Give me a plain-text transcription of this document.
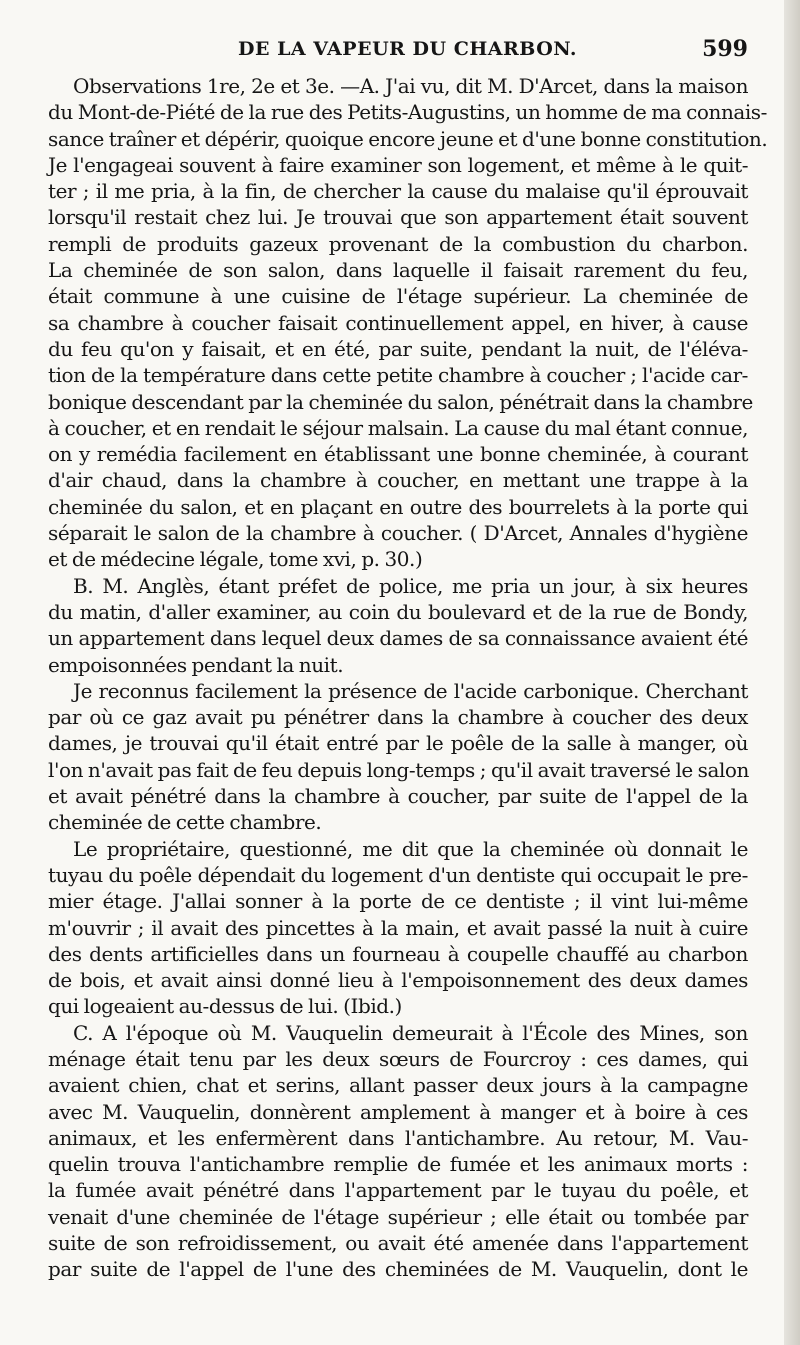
DE LA VAPEUR DU CHARBON.	599
Observations 1re, 2e et 3e. —A. J'ai vu, dit M. D'Arcet, dans la maison
du Mont-de-Piété de la rue des Petits-Augustins, un homme de ma connais-
sance traîner et dépérir, quoique encore jeune et d'une bonne constitution.
Je l'engageai souvent à faire examiner son logement, et même à le quit-
ter ; il me pria, à la fin, de chercher la cause du malaise qu'il éprouvait
lorsqu'il restait chez lui. Je trouvai que son appartement était souvent
rempli de produits gazeux provenant de la combustion du charbon.
La cheminée de son salon, dans laquelle il faisait rarement du feu,
était commune à une cuisine de l'étage supérieur. La cheminée de
sa chambre à coucher faisait continuellement appel, en hiver, à cause
du feu qu'on y faisait, et en été, par suite, pendant la nuit, de l'éléva-
tion de la température dans cette petite chambre à coucher ; l'acide car-
bonique descendant par la cheminée du salon, pénétrait dans la chambre
à coucher, et en rendait le séjour malsain. La cause du mal étant connue,
on y remédia facilement en établissant une bonne cheminée, à courant
d'air chaud, dans la chambre à coucher, en mettant une trappe à la
cheminée du salon, et en plaçant en outre des bourrelets à la porte qui
séparait le salon de la chambre à coucher. ( D'Arcet, Annales d'hygiène
et de médecine légale, tome xvi, p. 30.)
B. M. Anglès, étant préfet de police, me pria un jour, à six heures
du matin, d'aller examiner, au coin du boulevard et de la rue de Bondy,
un appartement dans lequel deux dames de sa connaissance avaient été
empoisonnées pendant la nuit.
Je reconnus facilement la présence de l'acide carbonique. Cherchant
par où ce gaz avait pu pénétrer dans la chambre à coucher des deux
dames, je trouvai qu'il était entré par le poêle de la salle à manger, où
l'on n'avait pas fait de feu depuis long-temps ; qu'il avait traversé le salon
et avait pénétré dans la chambre à coucher, par suite de l'appel de la
cheminée de cette chambre.
Le propriétaire, questionné, me dit que la cheminée où donnait le
tuyau du poêle dépendait du logement d'un dentiste qui occupait le pre-
mier étage. J'allai sonner à la porte de ce dentiste ; il vint lui-même
m'ouvrir ; il avait des pincettes à la main, et avait passé la nuit à cuire
des dents artificielles dans un fourneau à coupelle chauffé au charbon
de bois, et avait ainsi donné lieu à l'empoisonnement des deux dames
qui logeaient au-dessus de lui. (Ibid.)
C. A l'époque où M. Vauquelin demeurait à l'École des Mines, son
ménage était tenu par les deux sœurs de Fourcroy : ces dames, qui
avaient chien, chat et serins, allant passer deux jours à la campagne
avec M. Vauquelin, donnèrent amplement à manger et à boire à ces
animaux, et les enfermèrent dans l'antichambre. Au retour, M. Vau-
quelin trouva l'antichambre remplie de fumée et les animaux morts :
la fumée avait pénétré dans l'appartement par le tuyau du poêle, et
venait d'une cheminée de l'étage supérieur ; elle était ou tombée par
suite de son refroidissement, ou avait été amenée dans l'appartement
par suite de l'appel de l'une des cheminées de M. Vauquelin, dont le
